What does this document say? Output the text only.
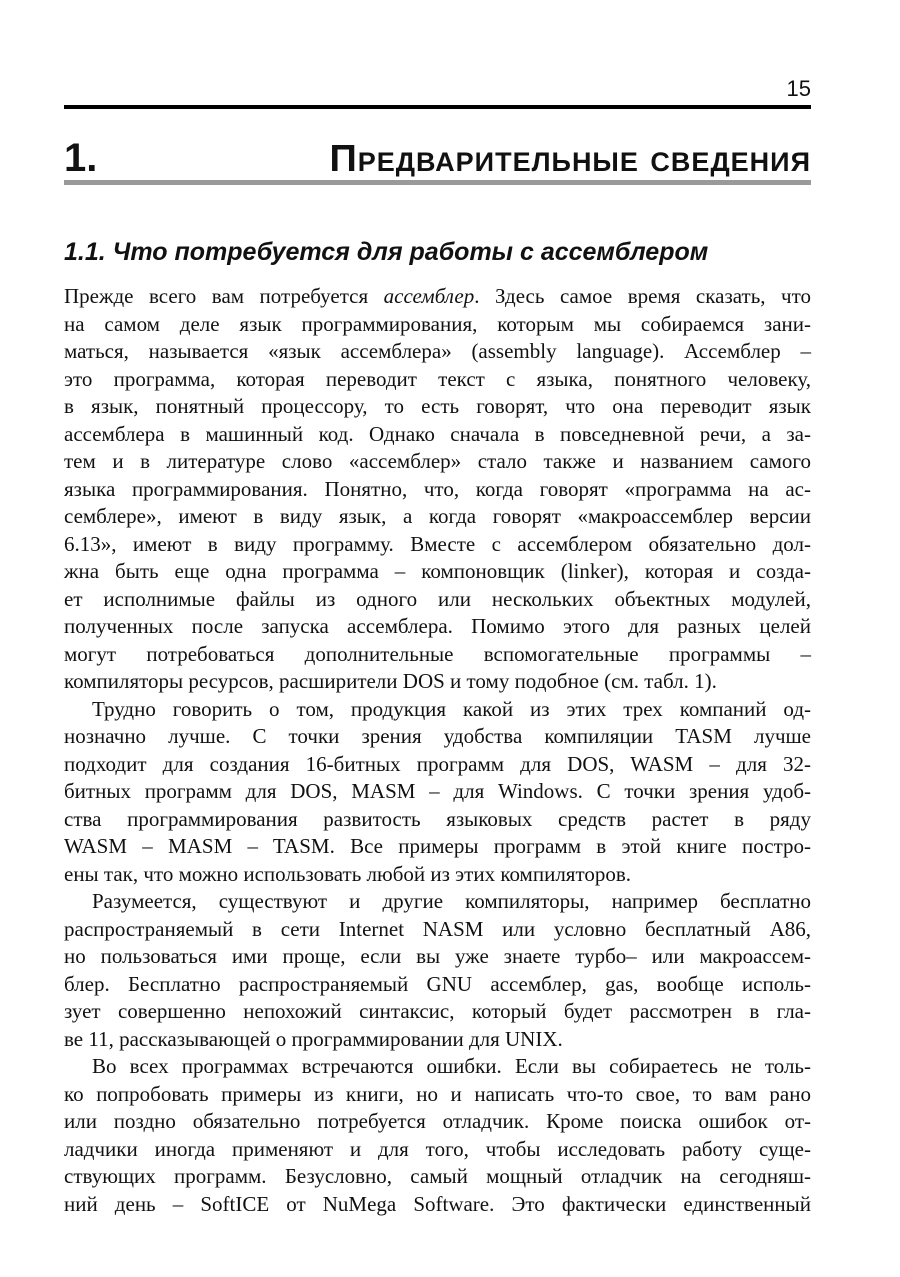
15
1.	Предварительные сведения
1.1. Что потребуется для работы с ассемблером
Прежде всего вам потребуется ассемблер. Здесь самое время сказать, что
на самом деле язык программирования, которым мы собираемся зани-
маться, называется «язык ассемблера» (assembly language). Ассемблер –
это программа, которая переводит текст с языка, понятного человеку,
в язык, понятный процессору, то есть говорят, что она переводит язык
ассемблера в машинный код. Однако сначала в повседневной речи, а за-
тем и в литературе слово «ассемблер» стало также и названием самого
языка программирования. Понятно, что, когда говорят «программа на ас-
семблере», имеют в виду язык, а когда говорят «макроассемблер версии
6.13», имеют в виду программу. Вместе с ассемблером обязательно дол-
жна быть еще одна программа – компоновщик (linker), которая и созда-
ет исполнимые файлы из одного или нескольких объектных модулей,
полученных после запуска ассемблера. Помимо этого для разных целей
могут потребоваться дополнительные вспомогательные программы –
компиляторы ресурсов, расширители DOS и тому подобное (см. табл. 1).
Трудно говорить о том, продукция какой из этих трех компаний од-
нозначно лучше. С точки зрения удобства компиляции TASM лучше
подходит для создания 16-битных программ для DOS, WASM – для 32-
битных программ для DOS, MASM – для Windows. С точки зрения удоб-
ства программирования развитость языковых средств растет в ряду
WASM – MASM – TASM. Все примеры программ в этой книге постро-
ены так, что можно использовать любой из этих компиляторов.
Разумеется, существуют и другие компиляторы, например бесплатно
распространяемый в сети Internet NASM или условно бесплатный A86,
но пользоваться ими проще, если вы уже знаете турбо– или макроассем-
блер. Бесплатно распространяемый GNU ассемблер, gas, вообще исполь-
зует совершенно непохожий синтаксис, который будет рассмотрен в гла-
ве 11, рассказывающей о программировании для UNIX.
Во всех программах встречаются ошибки. Если вы собираетесь не толь-
ко попробовать примеры из книги, но и написать что-то свое, то вам рано
или поздно обязательно потребуется отладчик. Кроме поиска ошибок от-
ладчики иногда применяют и для того, чтобы исследовать работу суще-
ствующих программ. Безусловно, самый мощный отладчик на сегодняш-
ний день – SoftICE от NuMega Software. Это фактически единственный
